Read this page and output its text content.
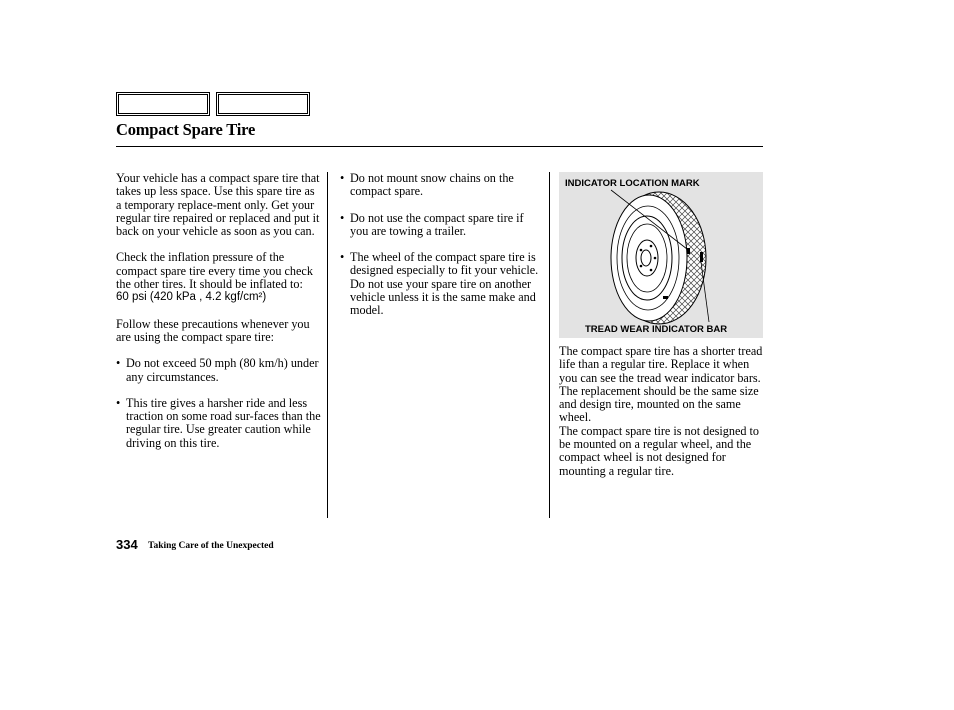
Compact Spare Tire

Your vehicle has a compact spare tire that takes up less space. Use this spare tire as a temporary replace-ment only. Get your regular tire repaired or replaced and put it back on your vehicle as soon as you can.

Check the inflation pressure of the compact spare tire every time you check the other tires. It should be inflated to:

60 psi (420 kPa , 4.2 kgf/cm²)

Follow these precautions whenever you are using the compact spare tire:

• Do not exceed 50 mph (80 km/h) under any circumstances.
• This tire gives a harsher ride and less traction on some road sur-faces than the regular tire. Use greater caution while driving on this tire.
• Do not mount snow chains on the compact spare.
• Do not use the compact spare tire if you are towing a trailer.
• The wheel of the compact spare tire is designed especially to fit your vehicle. Do not use your spare tire on another vehicle unless it is the same make and model.
INDICATOR LOCATION MARK
TREAD WEAR INDICATOR BAR

The compact spare tire has a shorter tread life than a regular tire. Replace it when you can see the tread wear indicator bars. The replacement should be the same size and design tire, mounted on the same wheel.

The compact spare tire is not designed to be mounted on a regular wheel, and the compact wheel is not designed for mounting a regular tire.

334 Taking Care of the Unexpected
